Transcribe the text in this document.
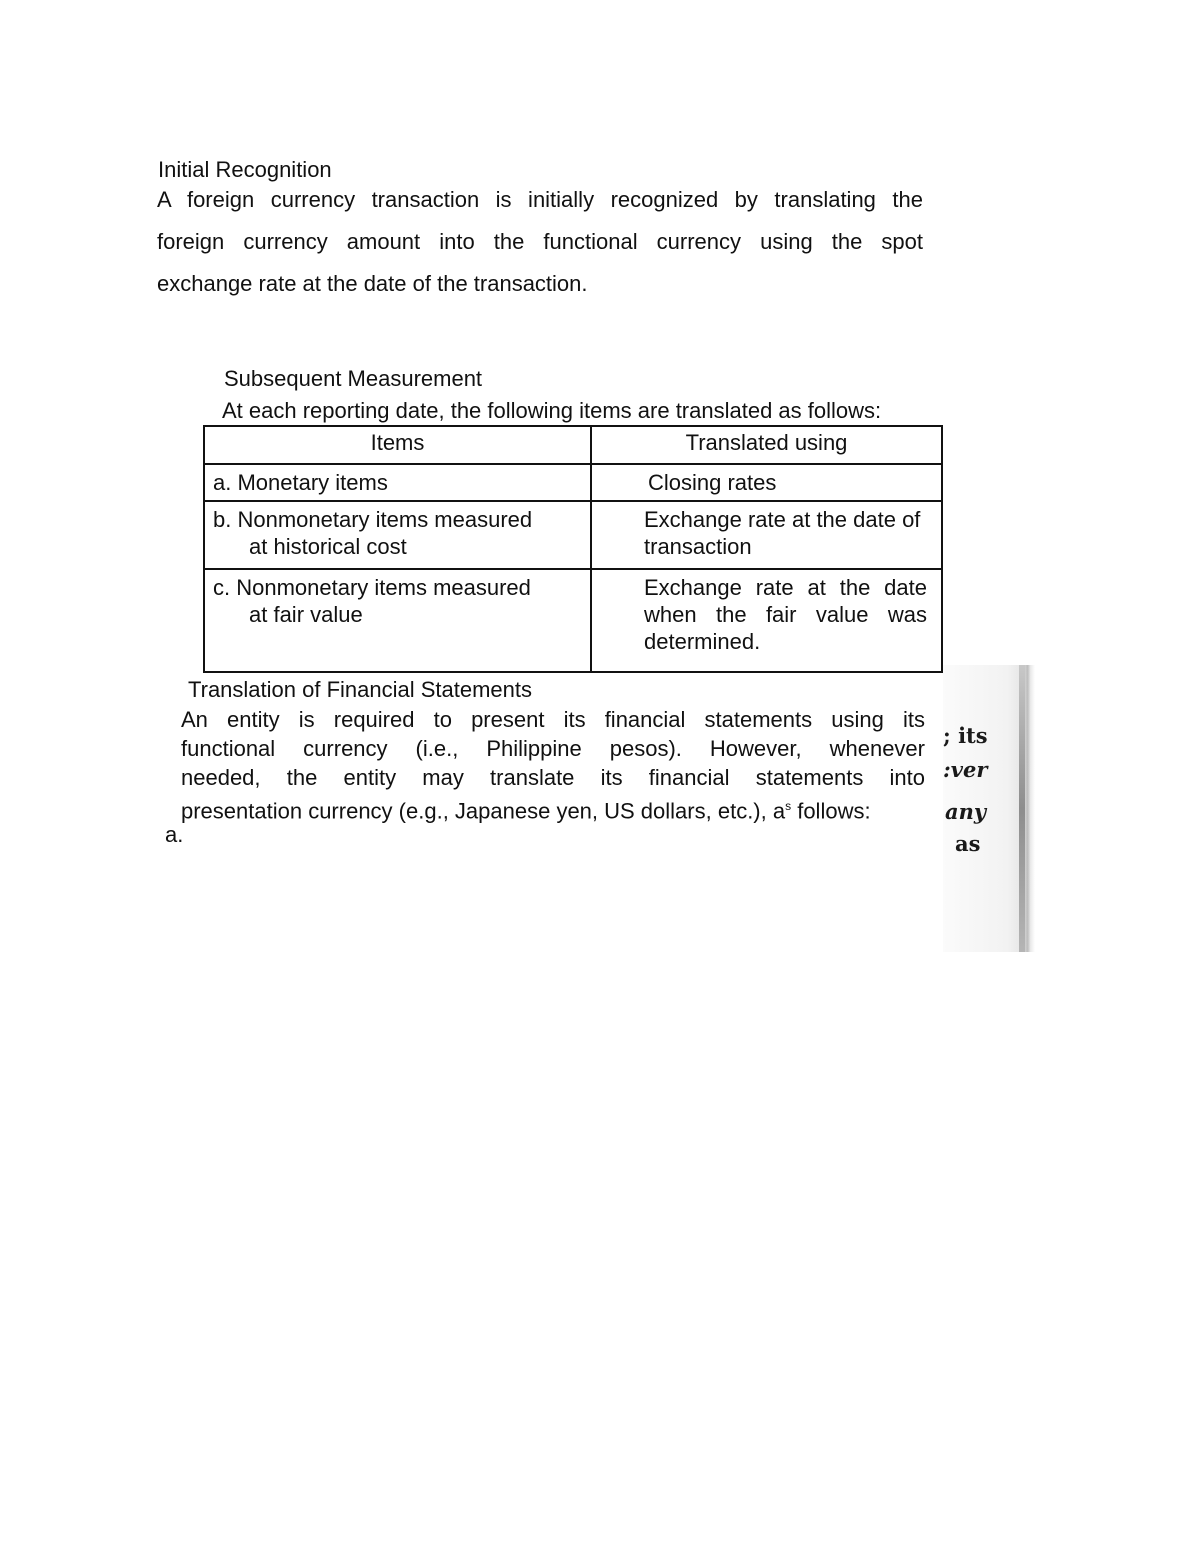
Initial Recognition

A foreign currency transaction is initially recognized by translating the
foreign currency amount into the functional currency using the spot
exchange rate at the date of the transaction.

Subsequent Measurement

At each reporting date, the following items are translated as follows:

Items	Translated using
a. Monetary items	Closing rates
b. Nonmonetary items measured
at historical cost	Exchange rate at the date of transaction
c. Nonmonetary items measured
at fair value	Exchange rate at the date when the fair value was determined.

Translation of Financial Statements

An entity is required to present its financial statements using its
functional currency (i.e., Philippine pesos). However, whenever
needed, the entity may translate its financial statements into
presentation currency (e.g., Japanese yen, US dollars, etc.), $a^s$ follows:

a.

; its
:ver
any
as
